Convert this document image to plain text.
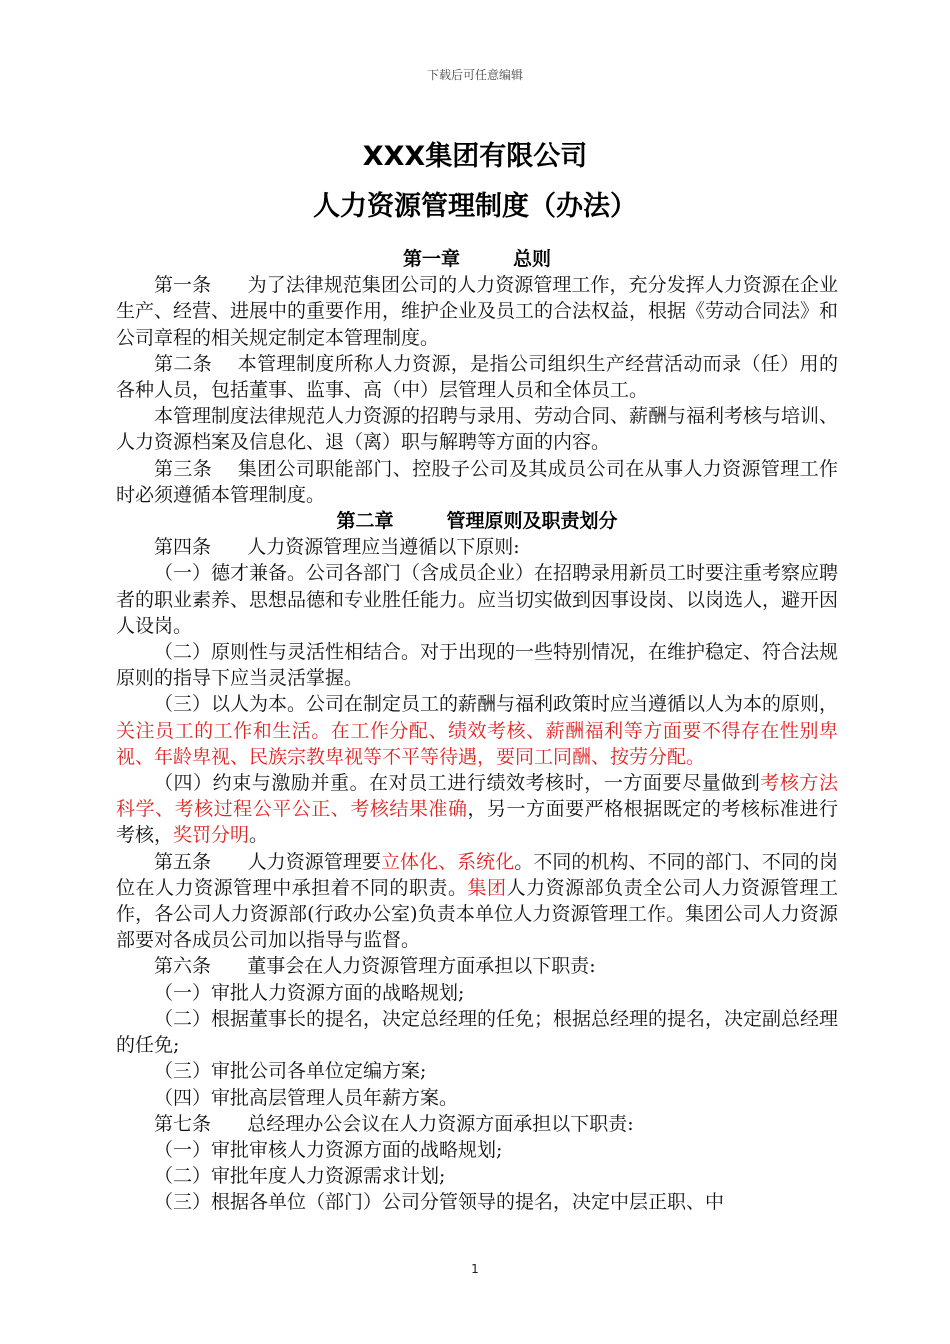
下载后可任意编辑
XXX集团有限公司
人力资源管理制度（办法）
第一章	总则

第一条 为了法律规范集团公司的人力资源管理工作，充分发挥人力资源在企业生产、经营、进展中的重要作用，维护企业及员工的合法权益，根据《劳动合同法》和公司章程的相关规定制定本管理制度。

第二条 本管理制度所称人力资源，是指公司组织生产经营活动而录（任）用的各种人员，包括董事、监事、高（中）层管理人员和全体员工。

本管理制度法律规范人力资源的招聘与录用、劳动合同、薪酬与福利考核与培训、人力资源档案及信息化、退（离）职与解聘等方面的内容。

第三条 集团公司职能部门、控股子公司及其成员公司在从事人力资源管理工作时必须遵循本管理制度。

第二章	管理原则及职责划分

第四条 人力资源管理应当遵循以下原则:

（一）德才兼备。公司各部门（含成员企业）在招聘录用新员工时要注重考察应聘者的职业素养、思想品德和专业胜任能力。应当切实做到因事设岗、以岗选人，避开因人设岗。

（二）原则性与灵活性相结合。对于出现的一些特别情况，在维护稳定、符合法规原则的指导下应当灵活掌握。

（三）以人为本。公司在制定员工的薪酬与福利政策时应当遵循以人为本的原则，关注员工的工作和生活。在工作分配、绩效考核、薪酬福利等方面要不得存在性别卑视、年龄卑视、民族宗教卑视等不平等待遇，要同工同酬、按劳分配。

（四）约束与激励并重。在对员工进行绩效考核时，一方面要尽量做到考核方法科学、考核过程公平公正、考核结果准确，另一方面要严格根据既定的考核标准进行考核，奖罚分明。

第五条 人力资源管理要立体化、系统化。不同的机构、不同的部门、不同的岗位在人力资源管理中承担着不同的职责。集团人力资源部负责全公司人力资源管理工作，各公司人力资源部(行政办公室)负责本单位人力资源管理工作。集团公司人力资源部要对各成员公司加以指导与监督。

第六条 董事会在人力资源管理方面承担以下职责:

（一）审批人力资源方面的战略规划;

（二）根据董事长的提名，决定总经理的任免；根据总经理的提名，决定副总经理的任免;

（三）审批公司各单位定编方案;

（四）审批高层管理人员年薪方案。

第七条 总经理办公会议在人力资源方面承担以下职责:

（一）审批审核人力资源方面的战略规划;

（二）审批年度人力资源需求计划;

（三）根据各单位（部门）公司分管领导的提名，决定中层正职、中

1
